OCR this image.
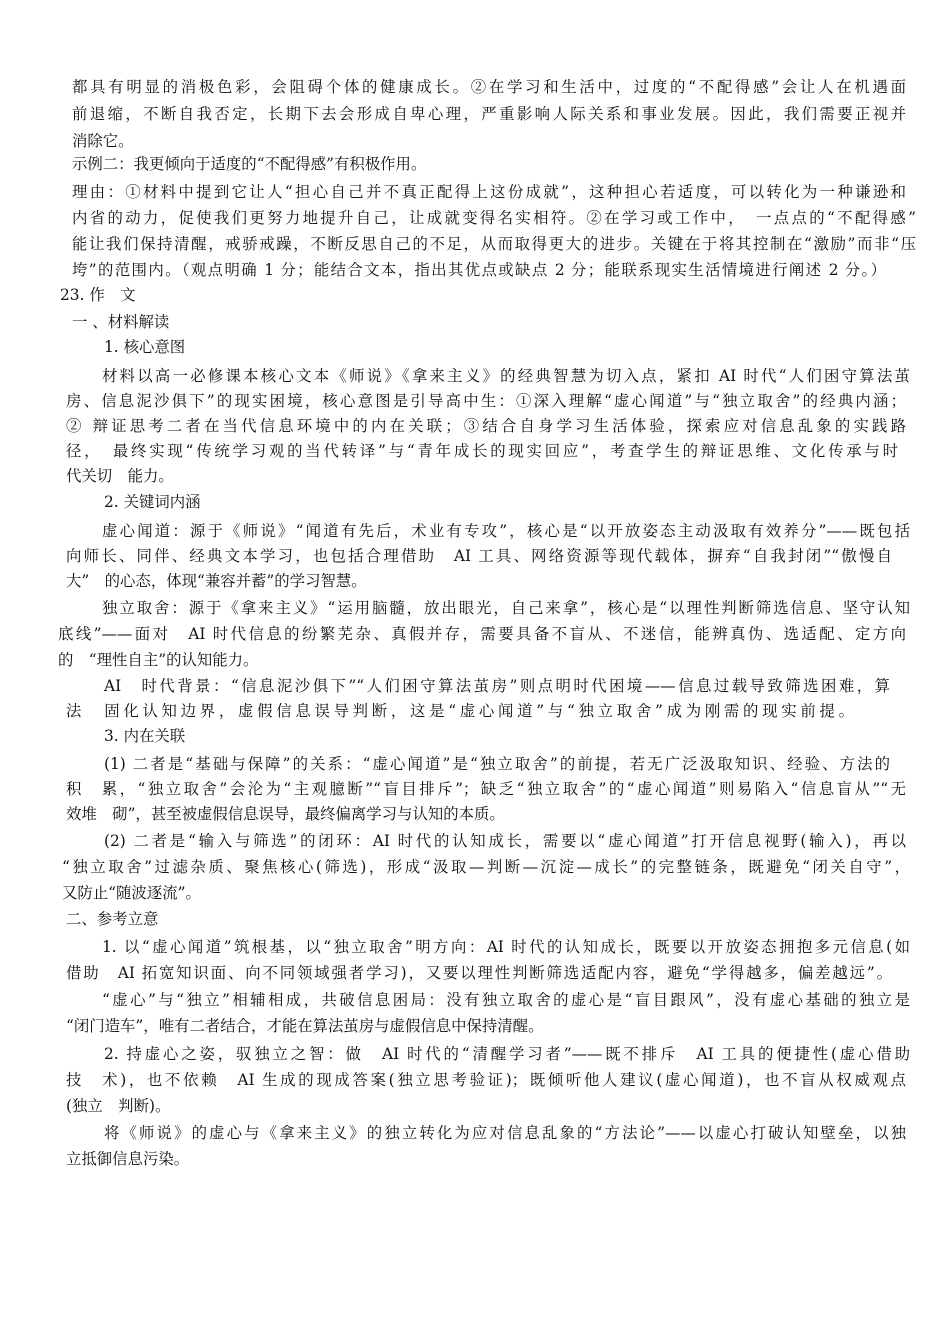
都具有明显的消极色彩，会阻碍个体的健康成长。②在学习和生活中，过度的“不配得感”会让人在机遇面
前退缩，不断自我否定，长期下去会形成自卑心理，严重影响人际关系和事业发展。因此，我们需要正视并
消除它。
示例二：我更倾向于适度的“不配得感”有积极作用。
理由：①材料中提到它让人“担心自己并不真正配得上这份成就”，这种担心若适度，可以转化为一种谦逊和
内省的动力，促使我们更努力地提升自己，让成就变得名实相符。②在学习或工作中，　一点点的“不配得感”
能让我们保持清醒，戒骄戒躁，不断反思自己的不足，从而取得更大的进步。关键在于将其控制在“激励”而非“压
垮”的范围内。（观点明确 1 分；能结合文本，指出其优点或缺点 2 分；能联系现实生活情境进行阐述 2 分。）
23. 作　文
一 、材料解读
1. 核心意图
材料以高一必修课本核心文本《师说》《拿来主义》的经典智慧为切入点，紧扣 AI 时代“人们困守算法茧
房、信息泥沙俱下”的现实困境，核心意图是引导高中生：①深入理解“虚心闻道”与“独立取舍”的经典内涵；
② 辩证思考二者在当代信息环境中的内在关联；③结合自身学习生活体验，探索应对信息乱象的实践路
径，　最终实现“传统学习观的当代转译”与“青年成长的现实回应”，考查学生的辩证思维、文化传承与时
代关切　能力。
2. 关键词内涵
虚心闻道：源于《师说》“闻道有先后，术业有专攻”，核心是“以开放姿态主动汲取有效养分”——既包括
向师长、同伴、经典文本学习，也包括合理借助　AI 工具、网络资源等现代载体，摒弃“自我封闭”“傲慢自
大”　的心态，体现“兼容并蓄”的学习智慧。
独立取舍：源于《拿来主义》“运用脑髓，放出眼光，自己来拿”，核心是“以理性判断筛选信息、坚守认知
底线”——面对　AI 时代信息的纷繁芜杂、真假并存，需要具备不盲从、不迷信，能辨真伪、选适配、定方向
的　“理性自主”的认知能力。
AI　时代背景：“信息泥沙俱下”“人们困守算法茧房”则点明时代困境——信息过载导致筛选困难，算
法　固化认知边界，虚假信息误导判断，这是“虚心闻道”与“独立取舍”成为刚需的现实前提。
3. 内在关联
(1) 二者是“基础与保障”的关系：“虚心闻道”是“独立取舍”的前提，若无广泛汲取知识、经验、方法的
积　累，“独立取舍”会沦为“主观臆断”“盲目排斥”；缺乏“独立取舍”的“虚心闻道”则易陷入“信息盲从”“无
效堆　砌”，甚至被虚假信息误导，最终偏离学习与认知的本质。
(2) 二者是“输入与筛选”的闭环：AI 时代的认知成长，需要以“虚心闻道”打开信息视野(输入)，再以
“独立取舍”过滤杂质、聚焦核心(筛选)，形成“汲取—判断—沉淀—成长”的完整链条，既避免“闭关自守”，
又防止“随波逐流”。
二、参考立意
1. 以“虚心闻道”筑根基，以“独立取舍”明方向：AI 时代的认知成长，既要以开放姿态拥抱多元信息(如
借助　AI 拓宽知识面、向不同领域强者学习)，又要以理性判断筛选适配内容，避免“学得越多，偏差越远”。
“虚心”与“独立”相辅相成，共破信息困局：没有独立取舍的虚心是“盲目跟风”，没有虚心基础的独立是
“闭门造车”，唯有二者结合，才能在算法茧房与虚假信息中保持清醒。
2. 持虚心之姿，驭独立之智：做　AI 时代的“清醒学习者”——既不排斥　AI 工具的便捷性(虚心借助
技　术)，也不依赖　AI 生成的现成答案(独立思考验证)；既倾听他人建议(虚心闻道)，也不盲从权威观点
(独立　判断)。
将《师说》的虚心与《拿来主义》的独立转化为应对信息乱象的“方法论”——以虚心打破认知壁垒，以独
立抵御信息污染。
